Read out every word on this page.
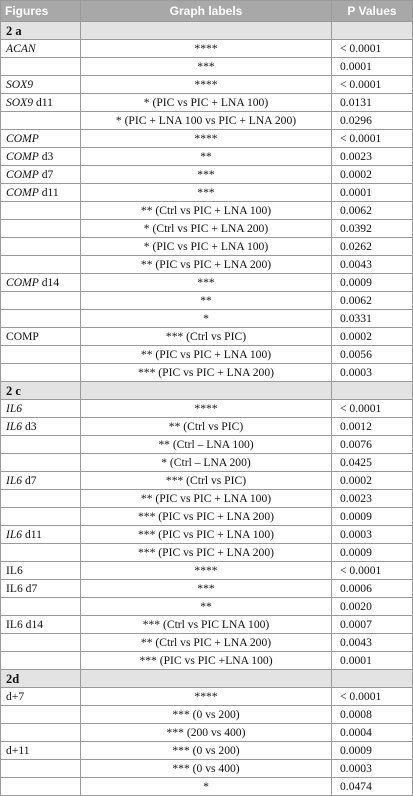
Figures	Graph labels	P Values
2 a		
ACAN	****	< 0.0001
	***	0.0001
SOX9	****	< 0.0001
SOX9 d11	* (PIC vs PIC + LNA 100)	0.0131
	* (PIC + LNA 100 vs PIC + LNA 200)	0.0296
COMP	****	< 0.0001
COMP d3	**	0.0023
COMP d7	***	0.0002
COMP d11	***	0.0001
	** (Ctrl vs PIC + LNA 100)	0.0062
	* (Ctrl vs PIC + LNA 200)	0.0392
	* (PIC vs PIC + LNA 100)	0.0262
	** (PIC vs PIC + LNA 200)	0.0043
COMP d14	***	0.0009
	**	0.0062
	*	0.0331
COMP	*** (Ctrl vs PIC)	0.0002
	** (PIC vs PIC + LNA 100)	0.0056
	*** (PIC vs PIC + LNA 200)	0.0003
2 c		
IL6	****	< 0.0001
IL6 d3	** (Ctrl vs PIC)	0.0012
	** (Ctrl – LNA 100)	0.0076
	* (Ctrl – LNA 200)	0.0425
IL6 d7	*** (Ctrl vs PIC)	0.0002
	** (PIC vs PIC + LNA 100)	0.0023
	*** (PIC vs PIC + LNA 200)	0.0009
IL6 d11	*** (PIC vs PIC + LNA 100)	0.0003
	*** (PIC vs PIC + LNA 200)	0.0009
IL6	****	< 0.0001
IL6 d7	***	0.0006
	**	0.0020
IL6 d14	*** (Ctrl vs PIC LNA 100)	0.0007
	** (Ctrl vs PIC + LNA 200)	0.0043
	*** (PIC vs PIC +LNA 100)	0.0001
2d		
d+7	****	< 0.0001
	*** (0 vs 200)	0.0008
	*** (200 vs 400)	0.0004
d+11	*** (0 vs 200)	0.0009
	*** (0 vs 400)	0.0003
	*	0.0474
